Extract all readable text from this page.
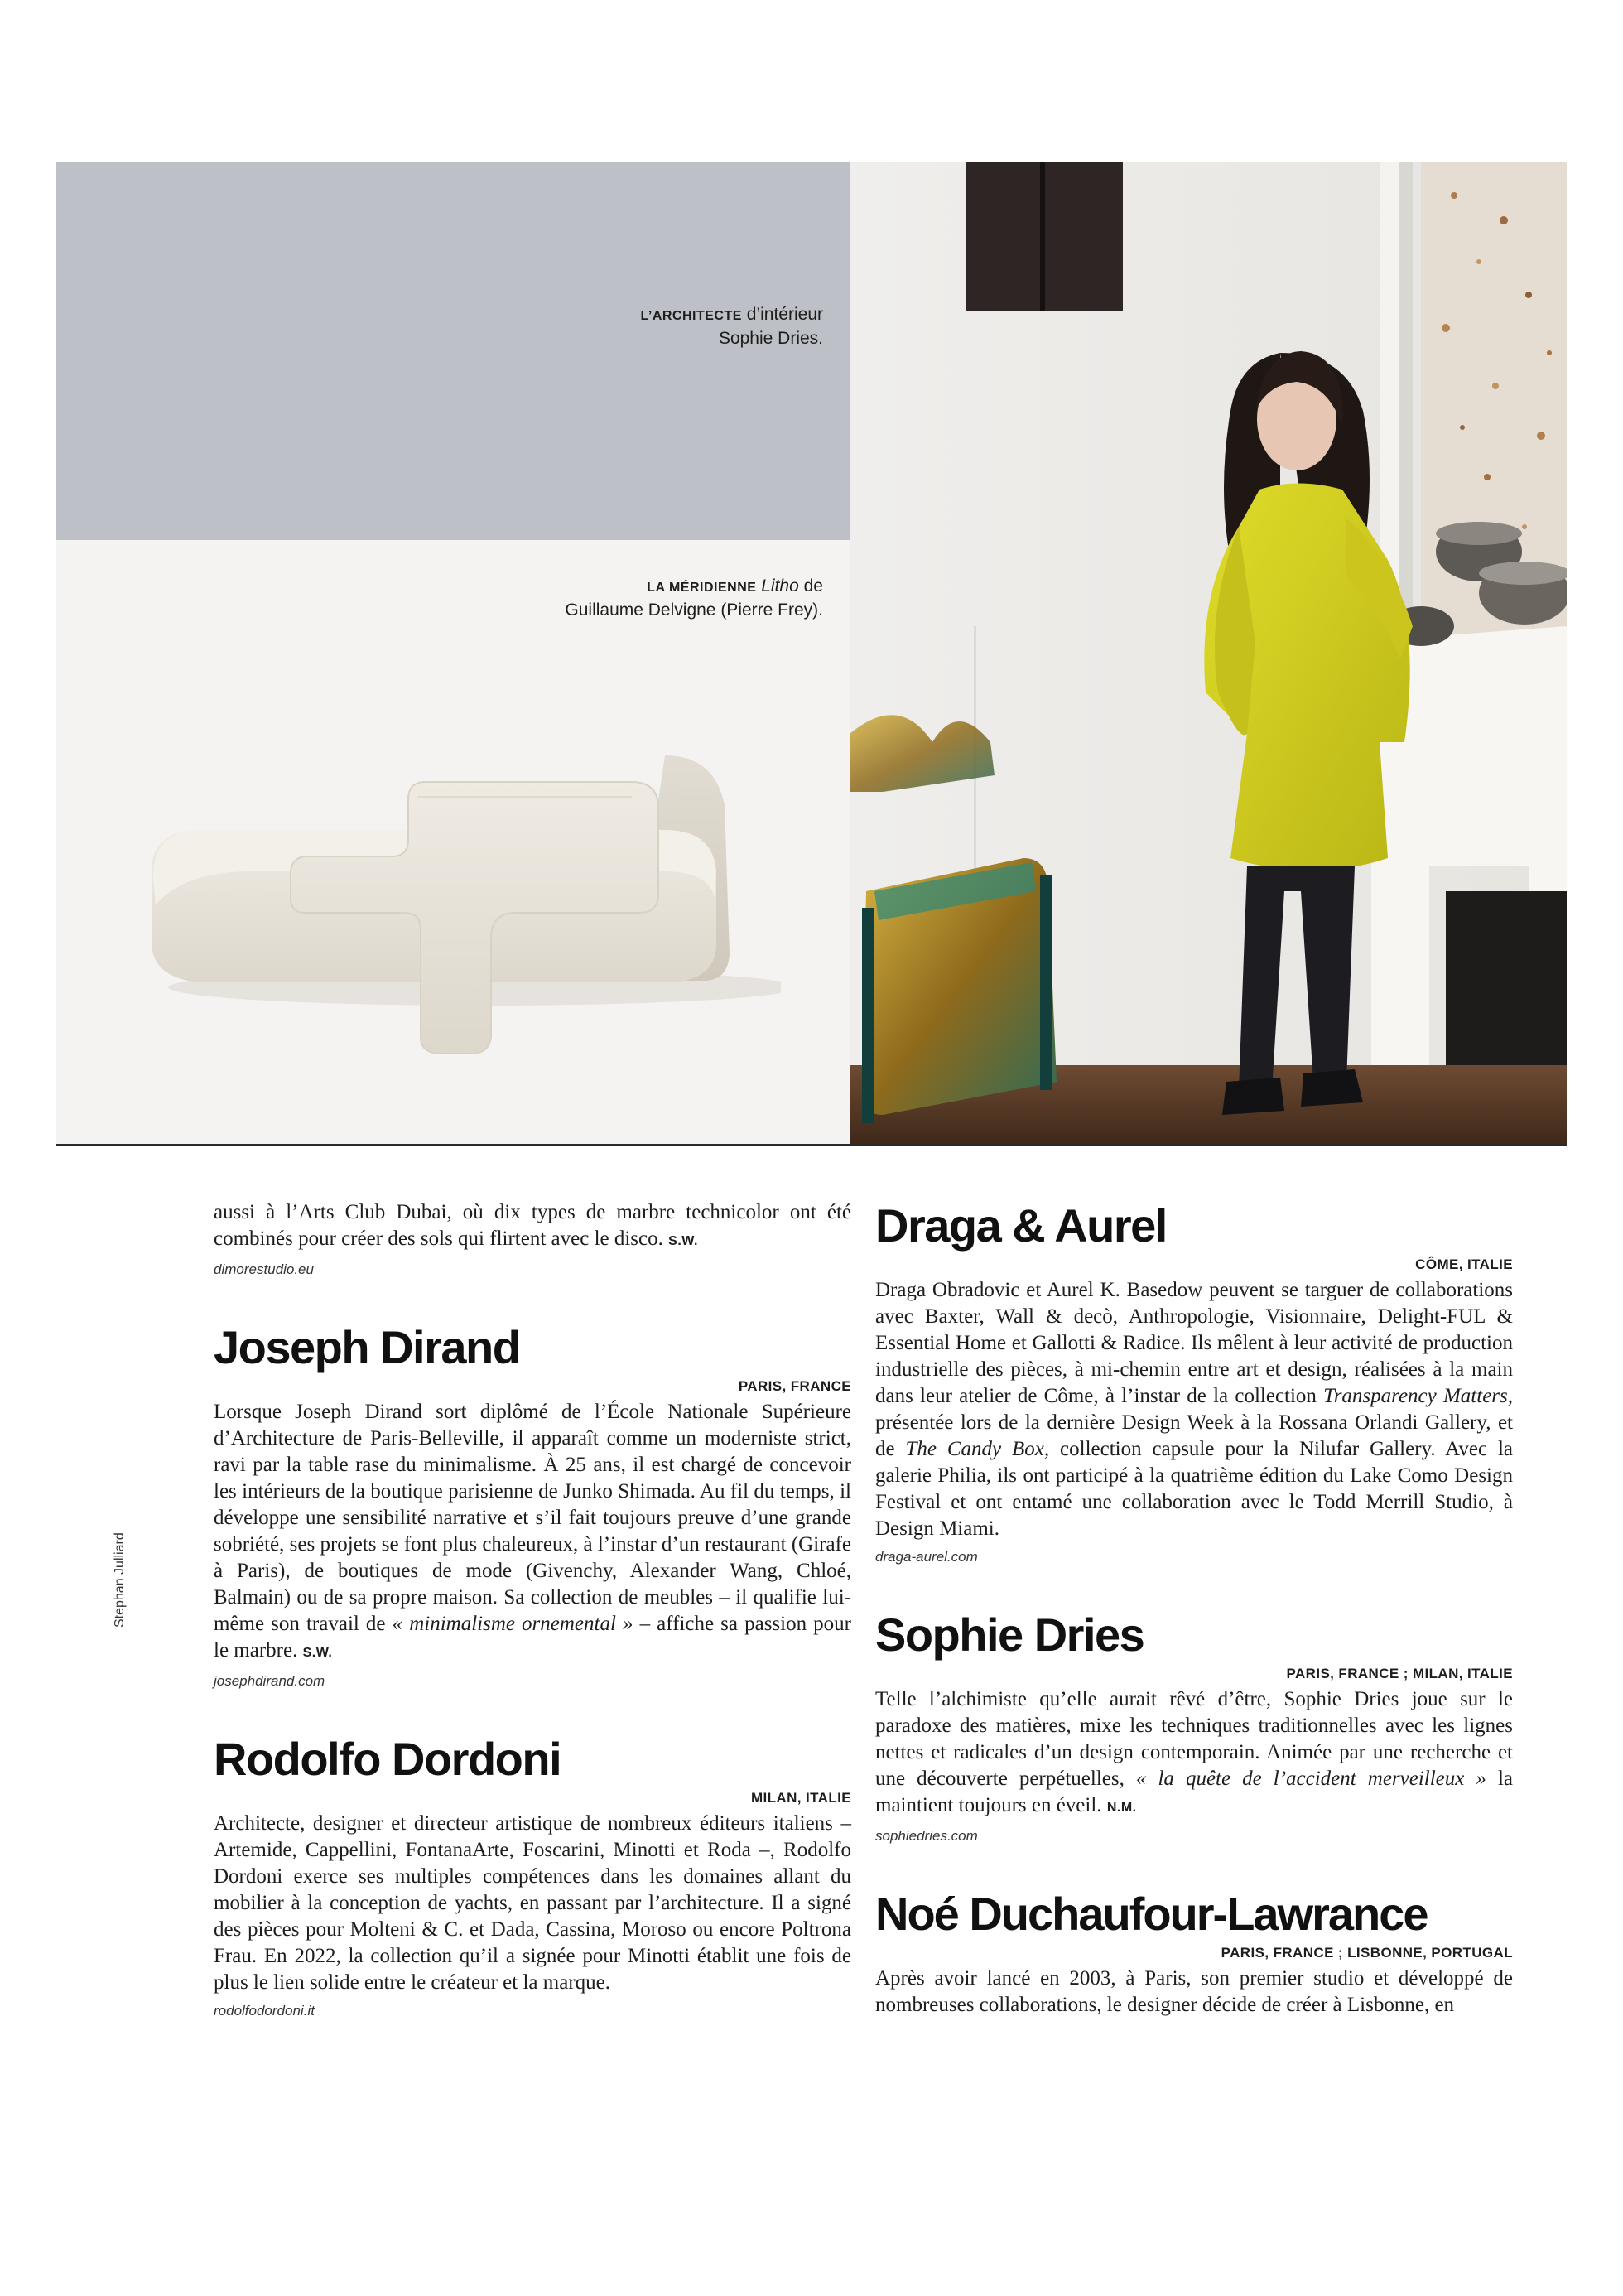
L’ARCHITECTE d’intérieur
Sophie Dries.
LA MÉRIDIENNE Litho de
Guillaume Delvigne (Pierre Frey).
Stephan Julliard

aussi à l’Arts Club Dubai, où dix types de marbre technicolor ont été combinés pour créer des sols qui flirtent avec le disco. S.W.

dimorestudio.eu

Joseph Dirand
PARIS, FRANCE

Lorsque Joseph Dirand sort diplômé de l’École Nationale Supérieure d’Architecture de Paris-Belleville, il apparaît comme un moderniste strict, ravi par la table rase du minimalisme. À 25 ans, il est chargé de concevoir les intérieurs de la boutique parisienne de Junko Shimada. Au fil du temps, il développe une sensibilité narrative et s’il fait toujours preuve d’une grande sobriété, ses projets se font plus chaleureux, à l’instar d’un restaurant (Girafe à Paris), de boutiques de mode (Givenchy, Alexander Wang, Chloé, Balmain) ou de sa propre maison. Sa collection de meubles – il qualifie lui-même son travail de « minimalisme ornemental » – affiche sa passion pour le marbre. S.W.

josephdirand.com

Rodolfo Dordoni
MILAN, ITALIE

Architecte, designer et directeur artistique de nombreux éditeurs italiens – Artemide, Cappellini, FontanaArte, Foscarini, Minotti et Roda –, Rodolfo Dordoni exerce ses multiples compétences dans les domaines allant du mobilier à la conception de yachts, en passant par l’architecture. Il a signé des pièces pour Molteni & C. et Dada, Cassina, Moroso ou encore Poltrona Frau. En 2022, la collection qu’il a signée pour Minotti établit une fois de plus le lien solide entre le créateur et la marque.

rodolfodordoni.it

Draga & Aurel
CÔME, ITALIE

Draga Obradovic et Aurel K. Basedow peuvent se targuer de collaborations avec Baxter, Wall & decò, Anthropologie, Visionnaire, Delight-FUL & Essential Home et Gallotti & Radice. Ils mêlent à leur activité de production industrielle des pièces, à mi-chemin entre art et design, réalisées à la main dans leur atelier de Côme, à l’instar de la collection Transparency Matters, présentée lors de la dernière Design Week à la Rossana Orlandi Gallery, et de The Candy Box, collection capsule pour la Nilufar Gallery. Avec la galerie Philia, ils ont participé à la quatrième édition du Lake Como Design Festival et ont entamé une collaboration avec le Todd Merrill Studio, à Design Miami.

draga-aurel.com

Sophie Dries
PARIS, FRANCE ; MILAN, ITALIE

Telle l’alchimiste qu’elle aurait rêvé d’être, Sophie Dries joue sur le paradoxe des matières, mixe les techniques traditionnelles avec les lignes nettes et radicales d’un design contemporain. Animée par une recherche et une découverte perpétuelles, « la quête de l’accident merveilleux » la maintient toujours en éveil. N.M.

sophiedries.com

Noé Duchaufour-Lawrance
PARIS, FRANCE ; LISBONNE, PORTUGAL

Après avoir lancé en 2003, à Paris, son premier studio et développé de nombreuses collaborations, le designer décide de créer à Lisbonne, en
